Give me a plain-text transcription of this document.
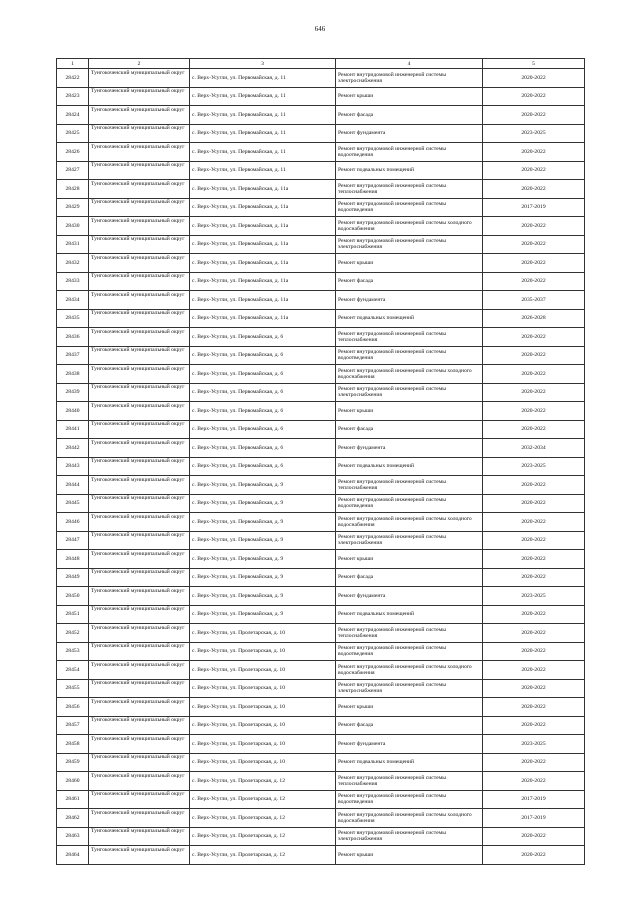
646
1	2	3	4	5
28422	Тунгокоченский муниципальный округ	с. Верх-Усугли, ул. Первомайская, д. 11	Ремонт внутридомовой инженерной системы электроснабжения	2020-2022
28423	Тунгокоченский муниципальный округ	с. Верх-Усугли, ул. Первомайская, д. 11	Ремонт крыши	2020-2022
28424	Тунгокоченский муниципальный округ	с. Верх-Усугли, ул. Первомайская, д. 11	Ремонт фасада	2020-2022
28425	Тунгокоченский муниципальный округ	с. Верх-Усугли, ул. Первомайская, д. 11	Ремонт фундамента	2023-2025
28426	Тунгокоченский муниципальный округ	с. Верх-Усугли, ул. Первомайская, д. 11	Ремонт внутридомовой инженерной системы водоотведения	2020-2022
28427	Тунгокоченский муниципальный округ	с. Верх-Усугли, ул. Первомайская, д. 11	Ремонт подвальных помещений	2020-2022
28428	Тунгокоченский муниципальный округ	с. Верх-Усугли, ул. Первомайская, д. 11а	Ремонт внутридомовой инженерной системы теплоснабжения	2020-2022
28429	Тунгокоченский муниципальный округ	с. Верх-Усугли, ул. Первомайская, д. 11а	Ремонт внутридомовой инженерной системы водоотведения	2017-2019
28430	Тунгокоченский муниципальный округ	с. Верх-Усугли, ул. Первомайская, д. 11а	Ремонт внутридомовой инженерной системы холодного водоснабжения	2020-2022
28431	Тунгокоченский муниципальный округ	с. Верх-Усугли, ул. Первомайская, д. 11а	Ремонт внутридомовой инженерной системы электроснабжения	2020-2022
28432	Тунгокоченский муниципальный округ	с. Верх-Усугли, ул. Первомайская, д. 11а	Ремонт крыши	2020-2022
28433	Тунгокоченский муниципальный округ	с. Верх-Усугли, ул. Первомайская, д. 11а	Ремонт фасада	2020-2022
28434	Тунгокоченский муниципальный округ	с. Верх-Усугли, ул. Первомайская, д. 11а	Ремонт фундамента	2035-2037
28435	Тунгокоченский муниципальный округ	с. Верх-Усугли, ул. Первомайская, д. 11а	Ремонт подвальных помещений	2026-2028
28436	Тунгокоченский муниципальный округ	с. Верх-Усугли, ул. Первомайская, д. 6	Ремонт внутридомовой инженерной системы теплоснабжения	2020-2022
28437	Тунгокоченский муниципальный округ	с. Верх-Усугли, ул. Первомайская, д. 6	Ремонт внутридомовой инженерной системы водоотведения	2020-2022
28438	Тунгокоченский муниципальный округ	с. Верх-Усугли, ул. Первомайская, д. 6	Ремонт внутридомовой инженерной системы холодного водоснабжения	2020-2022
28439	Тунгокоченский муниципальный округ	с. Верх-Усугли, ул. Первомайская, д. 6	Ремонт внутридомовой инженерной системы электроснабжения	2020-2022
28440	Тунгокоченский муниципальный округ	с. Верх-Усугли, ул. Первомайская, д. 6	Ремонт крыши	2020-2022
28441	Тунгокоченский муниципальный округ	с. Верх-Усугли, ул. Первомайская, д. 6	Ремонт фасада	2020-2022
28442	Тунгокоченский муниципальный округ	с. Верх-Усугли, ул. Первомайская, д. 6	Ремонт фундамента	2032-2034
28443	Тунгокоченский муниципальный округ	с. Верх-Усугли, ул. Первомайская, д. 6	Ремонт подвальных помещений	2023-2025
28444	Тунгокоченский муниципальный округ	с. Верх-Усугли, ул. Первомайская, д. 9	Ремонт внутридомовой инженерной системы теплоснабжения	2020-2022
28445	Тунгокоченский муниципальный округ	с. Верх-Усугли, ул. Первомайская, д. 9	Ремонт внутридомовой инженерной системы водоотведения	2020-2022
28446	Тунгокоченский муниципальный округ	с. Верх-Усугли, ул. Первомайская, д. 9	Ремонт внутридомовой инженерной системы холодного водоснабжения	2020-2022
28447	Тунгокоченский муниципальный округ	с. Верх-Усугли, ул. Первомайская, д. 9	Ремонт внутридомовой инженерной системы электроснабжения	2020-2022
28448	Тунгокоченский муниципальный округ	с. Верх-Усугли, ул. Первомайская, д. 9	Ремонт крыши	2020-2022
28449	Тунгокоченский муниципальный округ	с. Верх-Усугли, ул. Первомайская, д. 9	Ремонт фасада	2020-2022
28450	Тунгокоченский муниципальный округ	с. Верх-Усугли, ул. Первомайская, д. 9	Ремонт фундамента	2023-2025
28451	Тунгокоченский муниципальный округ	с. Верх-Усугли, ул. Первомайская, д. 9	Ремонт подвальных помещений	2020-2022
28452	Тунгокоченский муниципальный округ	с. Верх-Усугли, ул. Пролетарская, д. 10	Ремонт внутридомовой инженерной системы теплоснабжения	2020-2022
28453	Тунгокоченский муниципальный округ	с. Верх-Усугли, ул. Пролетарская, д. 10	Ремонт внутридомовой инженерной системы водоотведения	2020-2022
28454	Тунгокоченский муниципальный округ	с. Верх-Усугли, ул. Пролетарская, д. 10	Ремонт внутридомовой инженерной системы холодного водоснабжения	2020-2022
28455	Тунгокоченский муниципальный округ	с. Верх-Усугли, ул. Пролетарская, д. 10	Ремонт внутридомовой инженерной системы электроснабжения	2020-2022
28456	Тунгокоченский муниципальный округ	с. Верх-Усугли, ул. Пролетарская, д. 10	Ремонт крыши	2020-2022
28457	Тунгокоченский муниципальный округ	с. Верх-Усугли, ул. Пролетарская, д. 10	Ремонт фасада	2020-2022
28458	Тунгокоченский муниципальный округ	с. Верх-Усугли, ул. Пролетарская, д. 10	Ремонт фундамента	2023-2025
28459	Тунгокоченский муниципальный округ	с. Верх-Усугли, ул. Пролетарская, д. 10	Ремонт подвальных помещений	2020-2022
28460	Тунгокоченский муниципальный округ	с. Верх-Усугли, ул. Пролетарская, д. 12	Ремонт внутридомовой инженерной системы теплоснабжения	2020-2022
28461	Тунгокоченский муниципальный округ	с. Верх-Усугли, ул. Пролетарская, д. 12	Ремонт внутридомовой инженерной системы водоотведения	2017-2019
28462	Тунгокоченский муниципальный округ	с. Верх-Усугли, ул. Пролетарская, д. 12	Ремонт внутридомовой инженерной системы холодного водоснабжения	2017-2019
28463	Тунгокоченский муниципальный округ	с. Верх-Усугли, ул. Пролетарская, д. 12	Ремонт внутридомовой инженерной системы электроснабжения	2020-2022
28464	Тунгокоченский муниципальный округ	с. Верх-Усугли, ул. Пролетарская, д. 12	Ремонт крыши	2020-2022
